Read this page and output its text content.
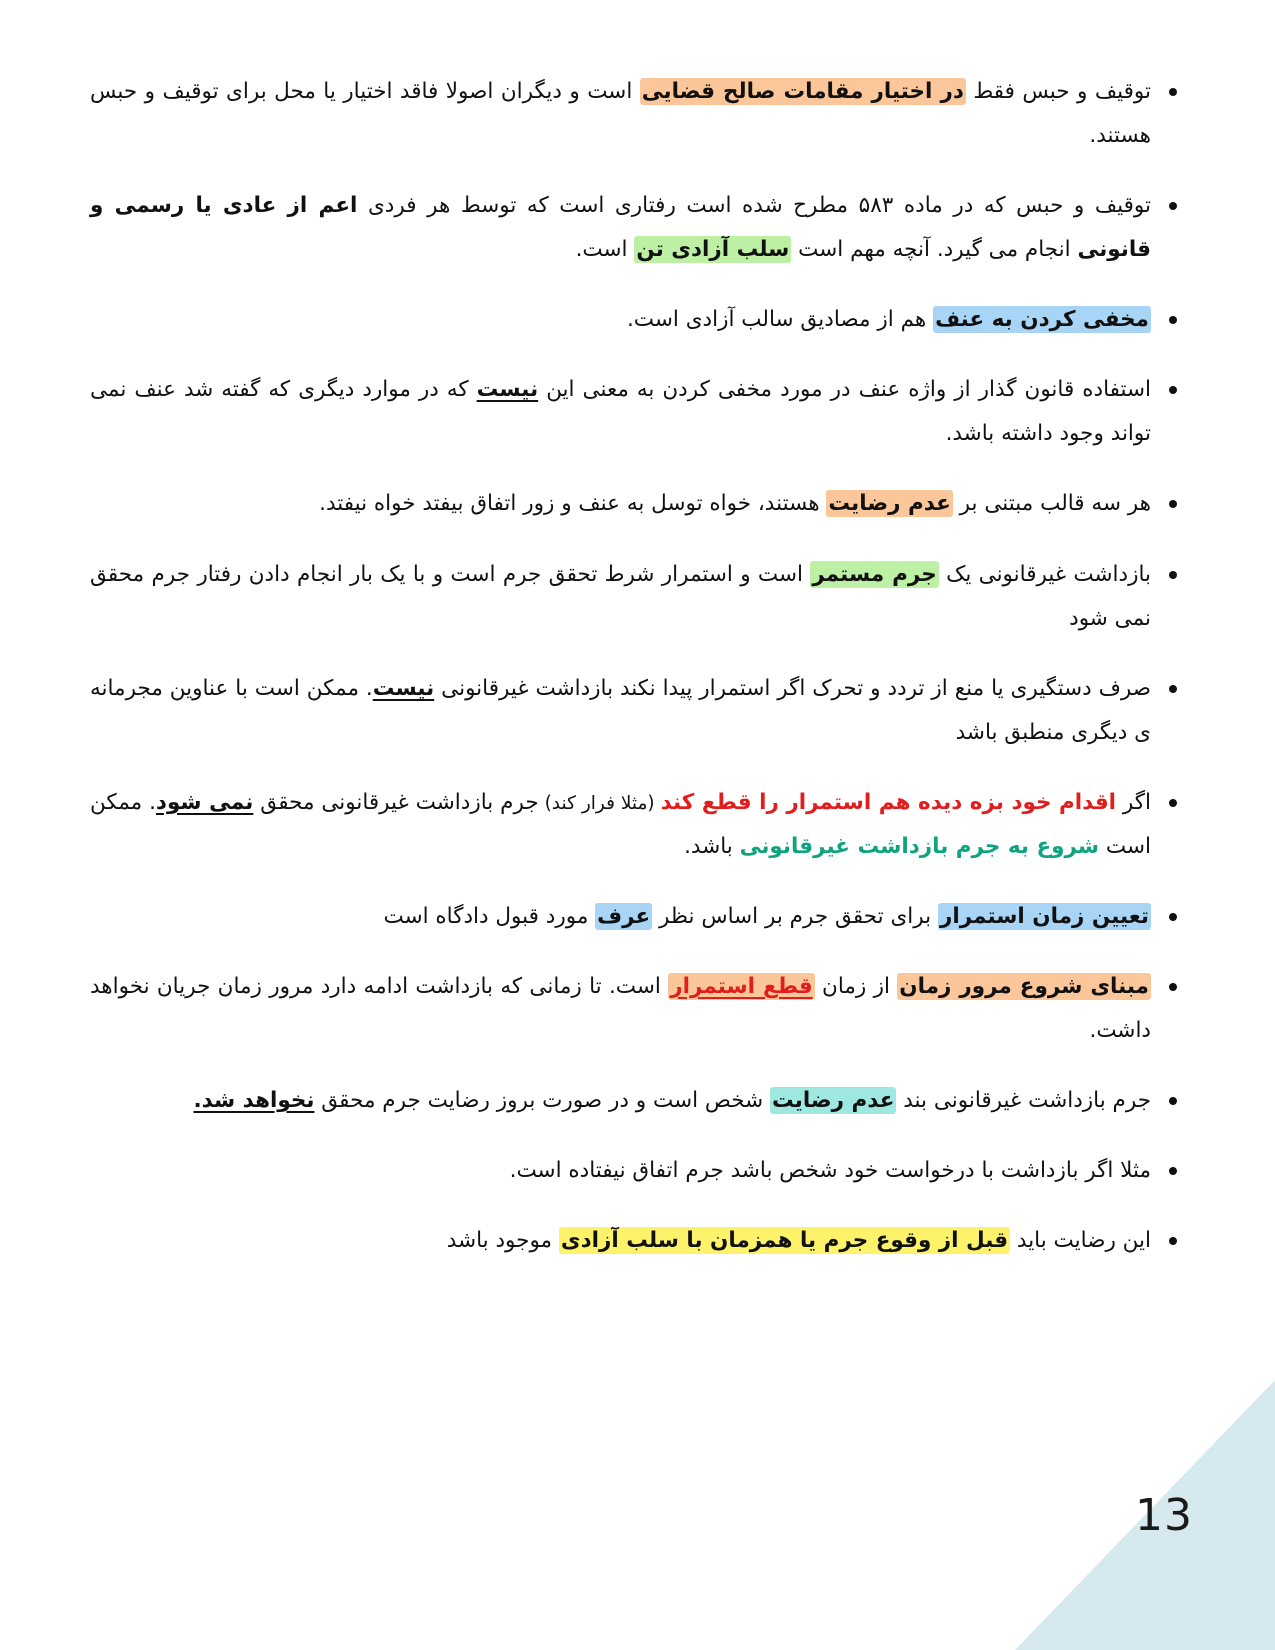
توقیف و حبس فقط در اختیار مقامات صالح قضایی است و دیگران اصولا فاقد اختیار یا محل برای توقیف و حبس هستند.
توقیف و حبس که در ماده ۵۸۳ مطرح شده است رفتاری است که توسط هر فردی اعم از عادی یا رسمی و قانونی انجام می گیرد. آنچه مهم است سلب آزادی تن است.
مخفی کردن به عنف هم از مصادیق سالب آزادی است.
استفاده قانون گذار از واژه عنف در مورد مخفی کردن به معنی این نیست که در موارد دیگری که گفته شد عنف نمی تواند وجود داشته باشد.
هر سه قالب مبتنی بر عدم رضایت هستند، خواه توسل به عنف و زور اتفاق بیفتد خواه نیفتد.
بازداشت غیرقانونی یک جرم مستمر است و استمرار شرط تحقق جرم است و با یک بار انجام دادن رفتار جرم محقق نمی شود
صرف دستگیری یا منع از تردد و تحرک اگر استمرار پیدا نکند بازداشت غیرقانونی نیست. ممکن است با عناوین مجرمانه ی دیگری منطبق باشد
اگر اقدام خود بزه دیده هم استمرار را قطع کند (مثلا فرار کند) جرم بازداشت غیرقانونی محقق نمی شود. ممکن است شروع به جرم بازداشت غیرقانونی باشد.
تعیین زمان استمرار برای تحقق جرم بر اساس نظر عرف مورد قبول دادگاه است
مبنای شروع مرور زمان از زمان قطع استمرار است. تا زمانی که بازداشت ادامه دارد مرور زمان جریان نخواهد داشت.
جرم بازداشت غیرقانونی بند عدم رضایت شخص است و در صورت بروز رضایت جرم محقق نخواهد شد.
مثلا اگر بازداشت با درخواست خود شخص باشد جرم اتفاق نیفتاده است.
این رضایت باید قبل از وقوع جرم یا همزمان با سلب آزادی موجود باشد
13
